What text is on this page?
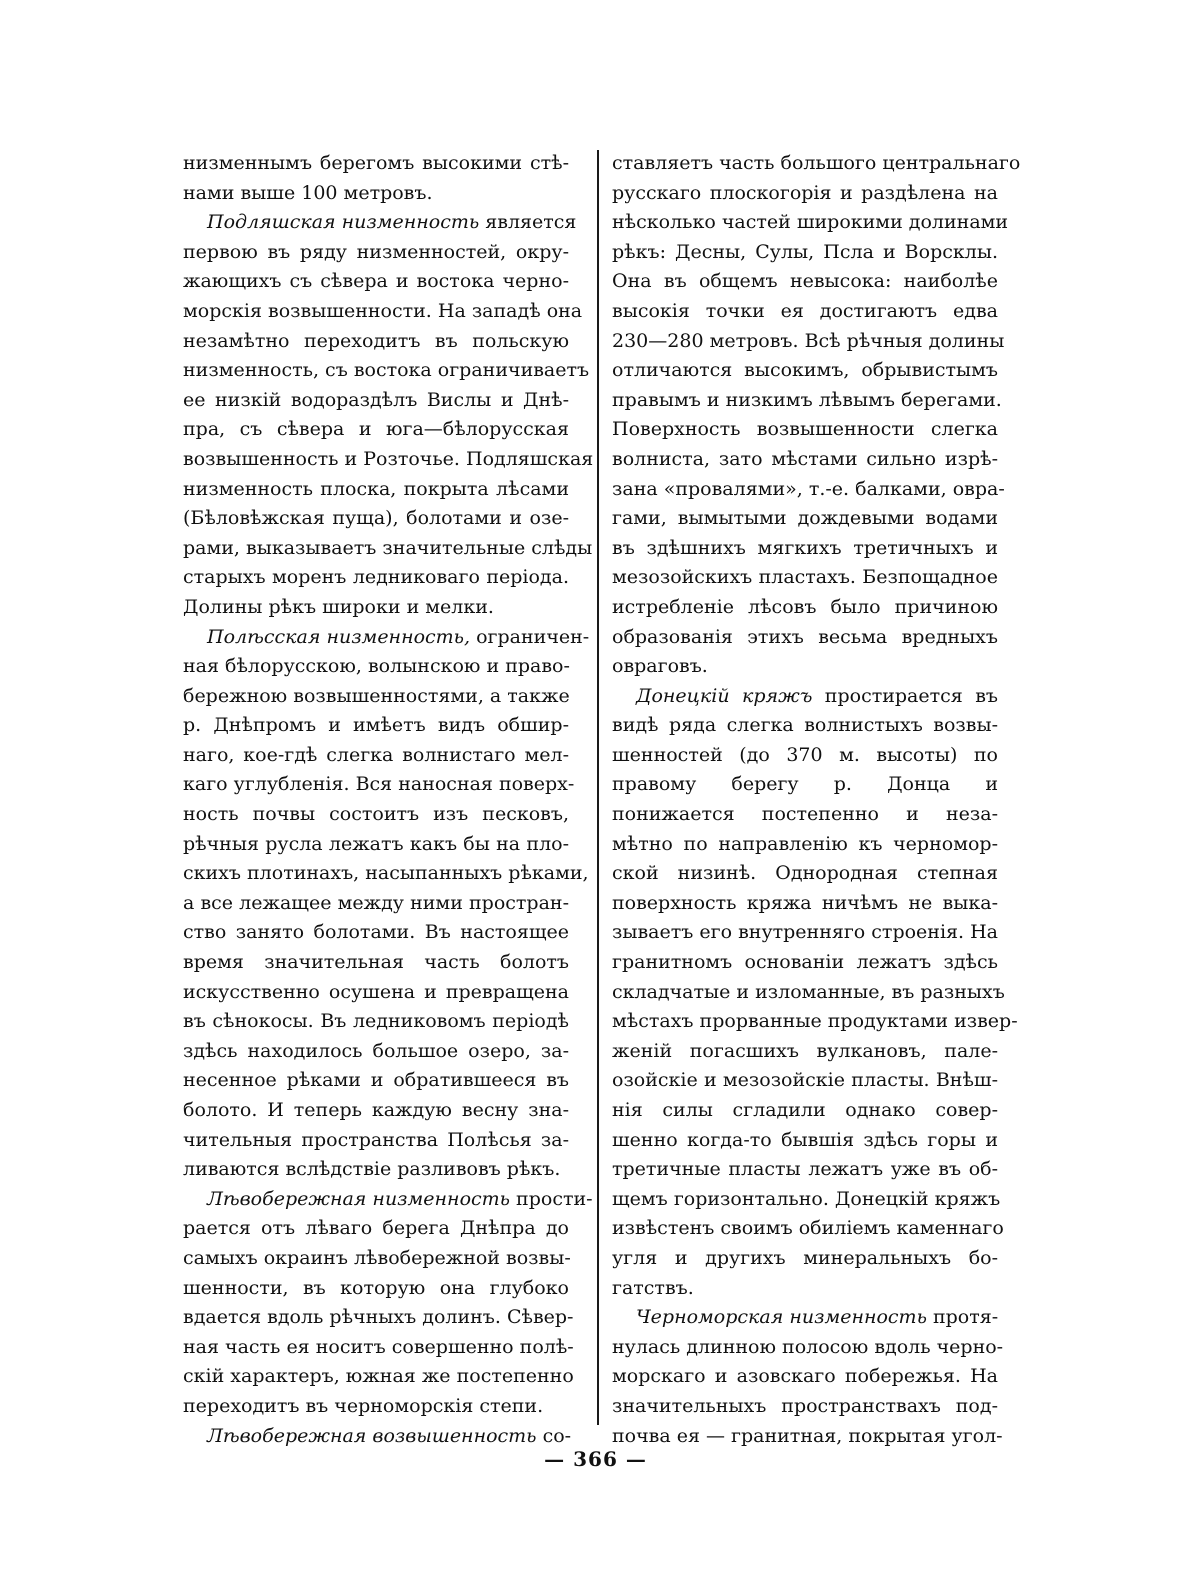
низменнымъ берегомъ высокими стѣ-
нами выше 100 метровъ.
Подляшская низменность является
первою въ ряду низменностей, окру-
жающихъ съ сѣвера и востока черно-
морскія возвышенности. На западѣ она
незамѣтно переходитъ въ польскую
низменность, съ востока ограничиваетъ
ее низкій водораздѣлъ Вислы и Днѣ-
пра, съ сѣвера и юга—бѣлорусская
возвышенность и Розточье. Подляшская
низменность плоска, покрыта лѣсами
(Бѣловѣжская пуща), болотами и озе-
рами, выказываетъ значительные слѣды
старыхъ моренъ ледниковаго періода.
Долины рѣкъ широки и мелки.
Полѣсская низменность, ограничен-
ная бѣлорусскою, волынскою и право-
бережною возвышенностями, а также
р. Днѣпромъ и имѣетъ видъ обшир-
наго, кое-гдѣ слегка волнистаго мел-
каго углубленія. Вся наносная поверх-
ность почвы состоитъ изъ песковъ,
рѣчныя русла лежатъ какъ бы на пло-
скихъ плотинахъ, насыпанныхъ рѣками,
а все лежащее между ними простран-
ство занято болотами. Въ настоящее
время значительная часть болотъ
искусственно осушена и превращена
въ сѣнокосы. Въ ледниковомъ періодѣ
здѣсь находилось большое озеро, за-
несенное рѣками и обратившееся въ
болото. И теперь каждую весну зна-
чительныя пространства Полѣсья за-
ливаются вслѣдствіе разливовъ рѣкъ.
Лѣвобережная низменность прости-
рается отъ лѣваго берега Днѣпра до
самыхъ окраинъ лѣвобережной возвы-
шенности, въ которую она глубоко
вдается вдоль рѣчныхъ долинъ. Сѣвер-
ная часть ея носитъ совершенно полѣ-
скій характеръ, южная же постепенно
переходитъ въ черноморскія степи.
Лѣвобережная возвышенность со-
ставляетъ часть большого центральнаго
русскаго плоскогорія и раздѣлена на
нѣсколько частей широкими долинами
рѣкъ: Десны, Сулы, Псла и Ворсклы.
Она въ общемъ невысока: наиболѣе
высокія точки ея достигаютъ едва
230—280 метровъ. Всѣ рѣчныя долины
отличаются высокимъ, обрывистымъ
правымъ и низкимъ лѣвымъ берегами.
Поверхность возвышенности слегка
волниста, зато мѣстами сильно изрѣ-
зана «провалями», т.-е. балками, овра-
гами, вымытыми дождевыми водами
въ здѣшнихъ мягкихъ третичныхъ и
мезозойскихъ пластахъ. Безпощадное
истребленіе лѣсовъ было причиною
образованія этихъ весьма вредныхъ
овраговъ.
Донецкій кряжъ простирается въ
видѣ ряда слегка волнистыхъ возвы-
шенностей (до 370 м. высоты) по
правому берегу р. Донца и
понижается постепенно и неза-
мѣтно по направленію къ черномор-
ской низинѣ. Однородная степная
поверхность кряжа ничѣмъ не выка-
зываетъ его внутренняго строенія. На
гранитномъ основаніи лежатъ здѣсь
складчатые и изломанные, въ разныхъ
мѣстахъ прорванные продуктами извер-
женій погасшихъ вулкановъ, пале-
озойскіе и мезозойскіе пласты. Внѣш-
нія силы сгладили однако совер-
шенно когда-то бывшія здѣсь горы и
третичные пласты лежатъ уже въ об-
щемъ горизонтально. Донецкій кряжъ
извѣстенъ своимъ обиліемъ каменнаго
угля и другихъ минеральныхъ бо-
гатствъ.
Черноморская низменность протя-
нулась длинною полосою вдоль черно-
морскаго и азовскаго побережья. На
значительныхъ пространствахъ под-
почва ея — гранитная, покрытая угол-
— 366 —
